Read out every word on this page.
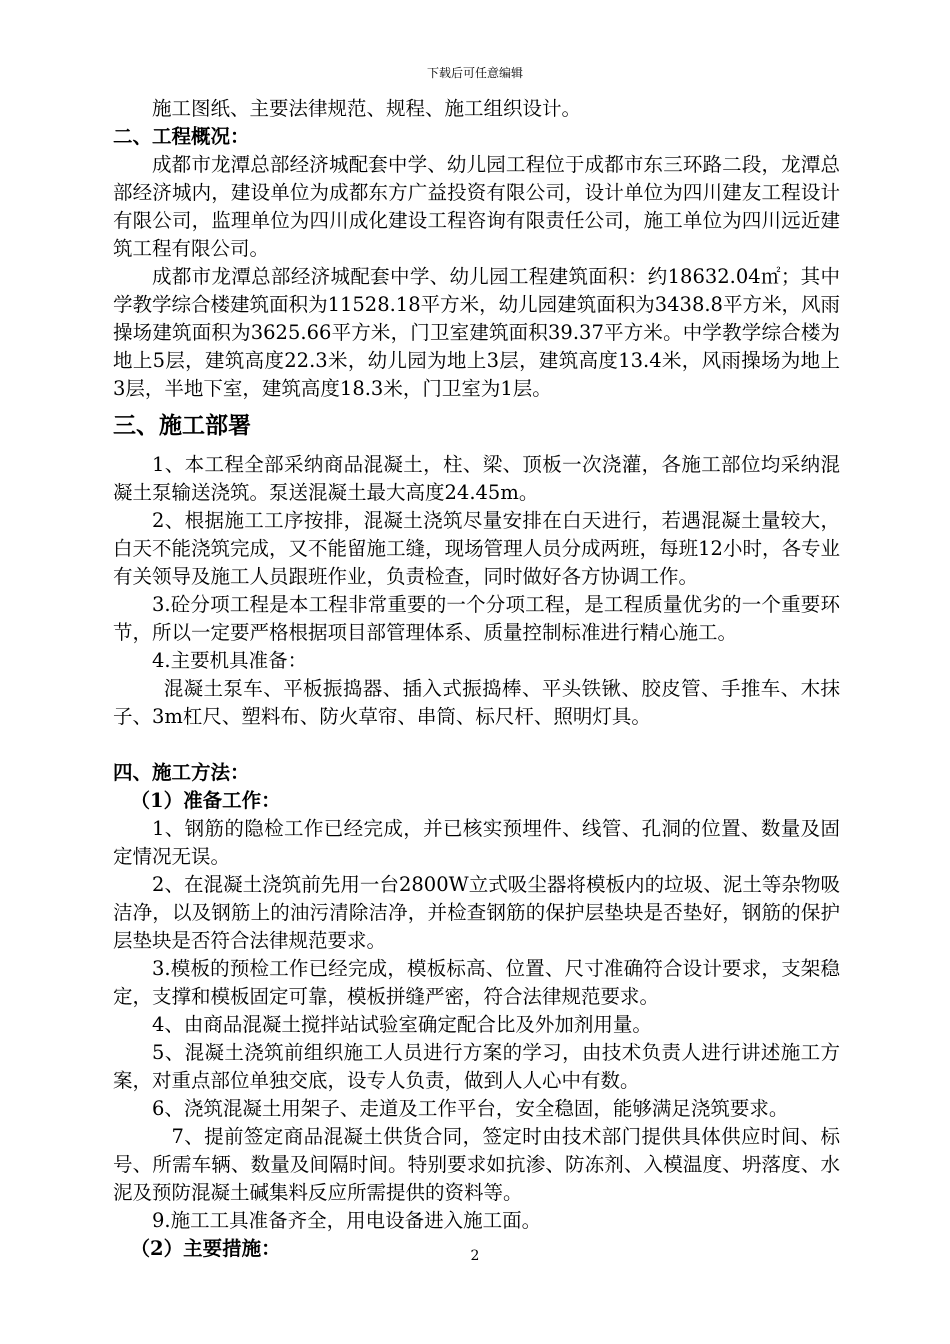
下载后可任意编辑

施工图纸、主要法律规范、规程、施工组织设计。

二、工程概况：

成都市龙潭总部经济城配套中学、幼儿园工程位于成都市东三环路二段，龙潭总部经济城内，建设单位为成都东方广益投资有限公司，设计单位为四川建友工程设计有限公司，监理单位为四川成化建设工程咨询有限责任公司，施工单位为四川远近建筑工程有限公司。

成都市龙潭总部经济城配套中学、幼儿园工程建筑面积：约18632.04㎡；其中学教学综合楼建筑面积为11528.18平方米，幼儿园建筑面积为3438.8平方米，风雨操场建筑面积为3625.66平方米，门卫室建筑面积39.37平方米。中学教学综合楼为地上5层，建筑高度22.3米，幼儿园为地上3层，建筑高度13.4米，风雨操场为地上3层，半地下室，建筑高度18.3米，门卫室为1层。

三、施工部署

1、本工程全部采纳商品混凝土，柱、梁、顶板一次浇灌，各施工部位均采纳混凝土泵输送浇筑。泵送混凝土最大高度24.45m。

2、根据施工工序按排，混凝土浇筑尽量安排在白天进行，若遇混凝土量较大，白天不能浇筑完成，又不能留施工缝，现场管理人员分成两班，每班12小时，各专业有关领导及施工人员跟班作业，负责检查，同时做好各方协调工作。

3.砼分项工程是本工程非常重要的一个分项工程，是工程质量优劣的一个重要环节，所以一定要严格根据项目部管理体系、质量控制标准进行精心施工。

4.主要机具准备：

混凝土泵车、平板振捣器、插入式振捣棒、平头铁锹、胶皮管、手推车、木抹子、3m杠尺、塑料布、防火草帘、串筒、标尺杆、照明灯具。

四、施工方法：

（1）准备工作：

1、钢筋的隐检工作已经完成，并已核实预埋件、线管、孔洞的位置、数量及固定情况无误。

2、在混凝土浇筑前先用一台2800W立式吸尘器将模板内的垃圾、泥土等杂物吸洁净，以及钢筋上的油污清除洁净，并检查钢筋的保护层垫块是否垫好，钢筋的保护层垫块是否符合法律规范要求。

3.模板的预检工作已经完成，模板标高、位置、尺寸准确符合设计要求，支架稳定，支撑和模板固定可靠，模板拼缝严密，符合法律规范要求。

4、由商品混凝土搅拌站试验室确定配合比及外加剂用量。

5、混凝土浇筑前组织施工人员进行方案的学习，由技术负责人进行讲述施工方案，对重点部位单独交底，设专人负责，做到人人心中有数。

6、浇筑混凝土用架子、走道及工作平台，安全稳固，能够满足浇筑要求。

7、提前签定商品混凝土供货合同，签定时由技术部门提供具体供应时间、标号、所需车辆、数量及间隔时间。特别要求如抗渗、防冻剂、入模温度、坍落度、水泥及预防混凝土碱集料反应所需提供的资料等。

9.施工工具准备齐全，用电设备进入施工面。

（2）主要措施：	2
